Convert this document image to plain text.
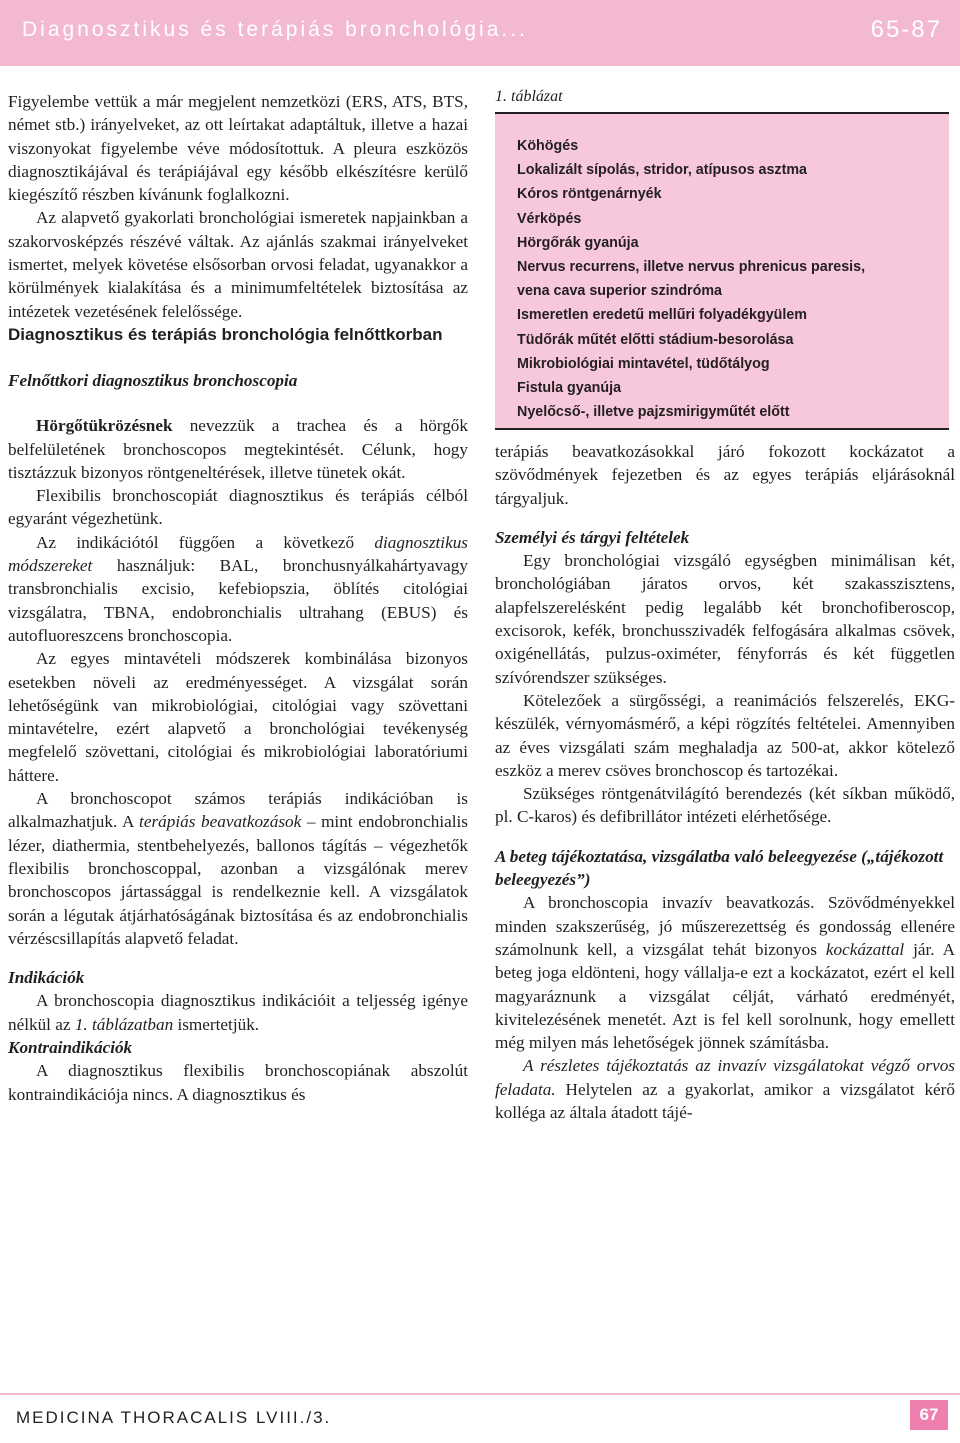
Diagnosztikus és terápiás bronchológia...	65-87

Figyelembe vettük a már megjelent nemzetközi (ERS, ATS, BTS, német stb.) irányelveket, az ott leírtakat adaptáltuk, illetve a hazai viszonyokat figyelembe véve módosítottuk. A pleura eszközös diagnosztikájával és terápiájával egy később elkészítésre kerülő kiegészítő részben kívánunk foglalkozni.

Az alapvető gyakorlati bronchológiai ismeretek napjainkban a szakorvosképzés részévé váltak. Az ajánlás szakmai irányelveket ismertet, melyek követése elsősorban orvosi feladat, ugyanakkor a körülmények kialakítása és a minimumfeltételek biztosítása az intézetek vezetésének felelőssége.

Diagnosztikus és terápiás bronchológia felnőttkorban
Felnőttkori diagnosztikus bronchoscopia

Hörgőtükrözésnek nevezzük a trachea és a hörgők belfelületének bronchoscopos megtekintését. Célunk, hogy tisztázzuk bizonyos röntgeneltérések, illetve tünetek okát.

Flexibilis bronchoscopiát diagnosztikus és terápiás célból egyaránt végezhetünk.

Az indikációtól függően a következő diagnosztikus módszereket használjuk: BAL, bronchusnyálkahártyavagy transbronchialis excisio, kefebiopszia, öblítés citológiai vizsgálatra, TBNA, endobronchialis ultrahang (EBUS) és autofluoreszcens bronchoscopia.

Az egyes mintavételi módszerek kombinálása bizonyos esetekben növeli az eredményességet. A vizsgálat során lehetőségünk van mikrobiológiai, citológiai vagy szövettani mintavételre, ezért alapvető a bronchológiai tevékenység megfelelő szövettani, citológiai és mikrobiológiai laboratóriumi háttere.

A bronchoscopot számos terápiás indikációban is alkalmazhatjuk. A terápiás beavatkozások – mint endobronchialis lézer, diathermia, stentbehelyezés, ballonos tágítás – végezhetők flexibilis bronchoscoppal, azonban a vizsgálónak merev bronchoscopos jártassággal is rendelkeznie kell. A vizsgálatok során a légutak átjárhatóságának biztosítása és az endobronchialis vérzéscsillapítás alapvető feladat.

Indikációk

A bronchoscopia diagnosztikus indikációit a teljesség igénye nélkül az 1. táblázatban ismertetjük.

Kontraindikációk

A diagnosztikus flexibilis bronchoscopiának abszolút kontraindikációja nincs. A diagnosztikus és

1. táblázat
Köhögés
Lokalizált sípolás, stridor, atípusos asztma
Kóros röntgenárnyék
Vérköpés
Hörgőrák gyanúja
Nervus recurrens, illetve nervus phrenicus paresis,
vena cava superior szindróma
Ismeretlen eredetű mellűri folyadékgyülem
Tüdőrák műtét előtti stádium-besorolása
Mikrobiológiai mintavétel, tüdőtályog
Fistula gyanúja
Nyelőcső-, illetve pajzsmirigyműtét előtt

terápiás beavatkozásokkal járó fokozott kockázatot a szövődmények fejezetben és az egyes terápiás eljárásoknál tárgyaljuk.

Személyi és tárgyi feltételek

Egy bronchológiai vizsgáló egységben minimálisan két, bronchológiában járatos orvos, két szakasszisztens, alapfelszerelésként pedig legalább két bronchofiberoscop, excisorok, kefék, bronchusszivadék felfogására alkalmas csövek, oxigénellátás, pulzus-oximéter, fényforrás és két független szívórendszer szükséges.

Kötelezőek a sürgősségi, a reanimációs felszerelés, EKG-készülék, vérnyomásmérő, a képi rögzítés feltételei. Amennyiben az éves vizsgálati szám meghaladja az 500-at, akkor kötelező eszköz a merev csöves bronchoscop és tartozékai.

Szükséges röntgenátvilágító berendezés (két síkban működő, pl. C-karos) és defibrillátor intézeti elérhetősége.

A beteg tájékoztatása, vizsgálatba való beleegyezése („tájékozott beleegyezés”)

A bronchoscopia invazív beavatkozás. Szövődményekkel minden szakszerűség, jó műszerezettség és gondosság ellenére számolnunk kell, a vizsgálat tehát bizonyos kockázattal jár. A beteg joga eldönteni, hogy vállalja-e ezt a kockázatot, ezért el kell magyaráznunk a vizsgálat célját, várható eredményét, kivitelezésének menetét. Azt is fel kell sorolnunk, hogy emellett még milyen más lehetőségek jönnek számításba.

A részletes tájékoztatás az invazív vizsgálatokat végző orvos feladata. Helytelen az a gyakorlat, amikor a vizsgálatot kérő kolléga az általa átadott tájé-

MEDICINA THORACALIS LVIII./3.	67
